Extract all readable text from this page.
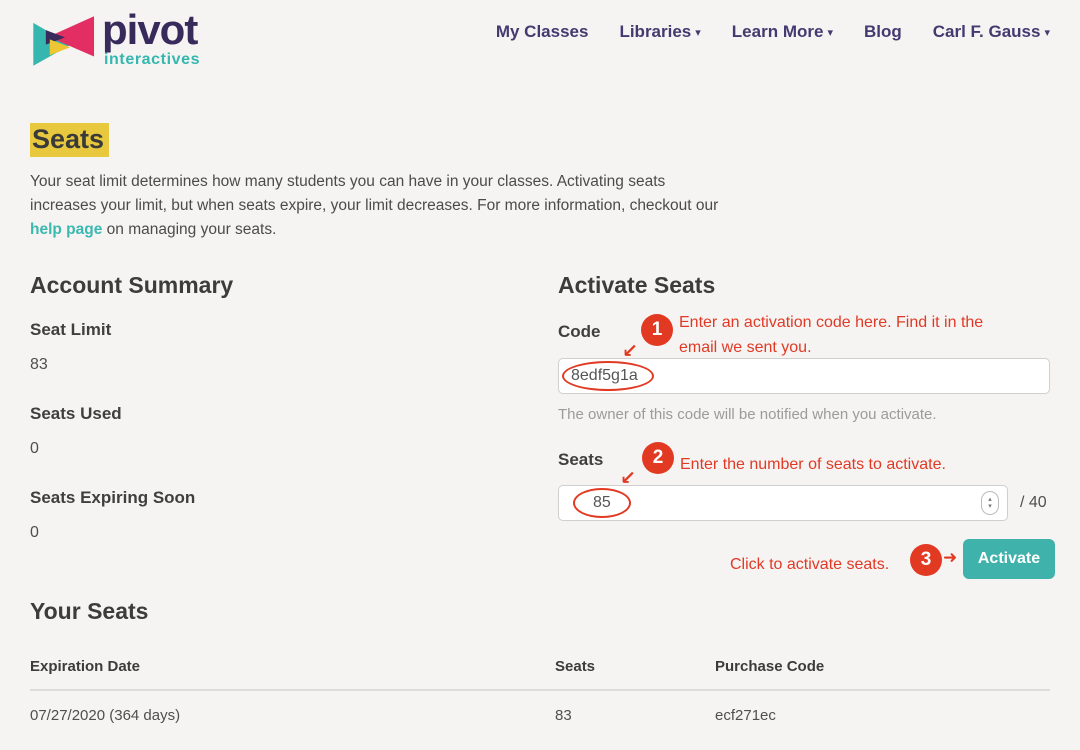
pivot
interactives
My Classes Libraries ▾ Learn More ▾ Blog Carl F. Gauss ▾
Seats

Your seat limit determines how many students you can have in your classes. Activating seats increases your limit, but when seats expire, your limit decreases. For more information, checkout our help page on managing your seats.

Account Summary
Seat Limit
83
Seats Used
0
Seats Expiring Soon
0
Activate Seats
Code	1
↙
Enter an activation code here. Find it in the email we sent you.
8edf5g1a
The owner of this code will be notified when you activate.
Seats	2
↙
Enter the number of seats to activate.
85
▴
▾ / 40
Click to activate seats.	3 ➜	Activate
Your Seats
Expiration Date	Seats	Purchase Code
07/27/2020 (364 days)	83	ecf271ec
